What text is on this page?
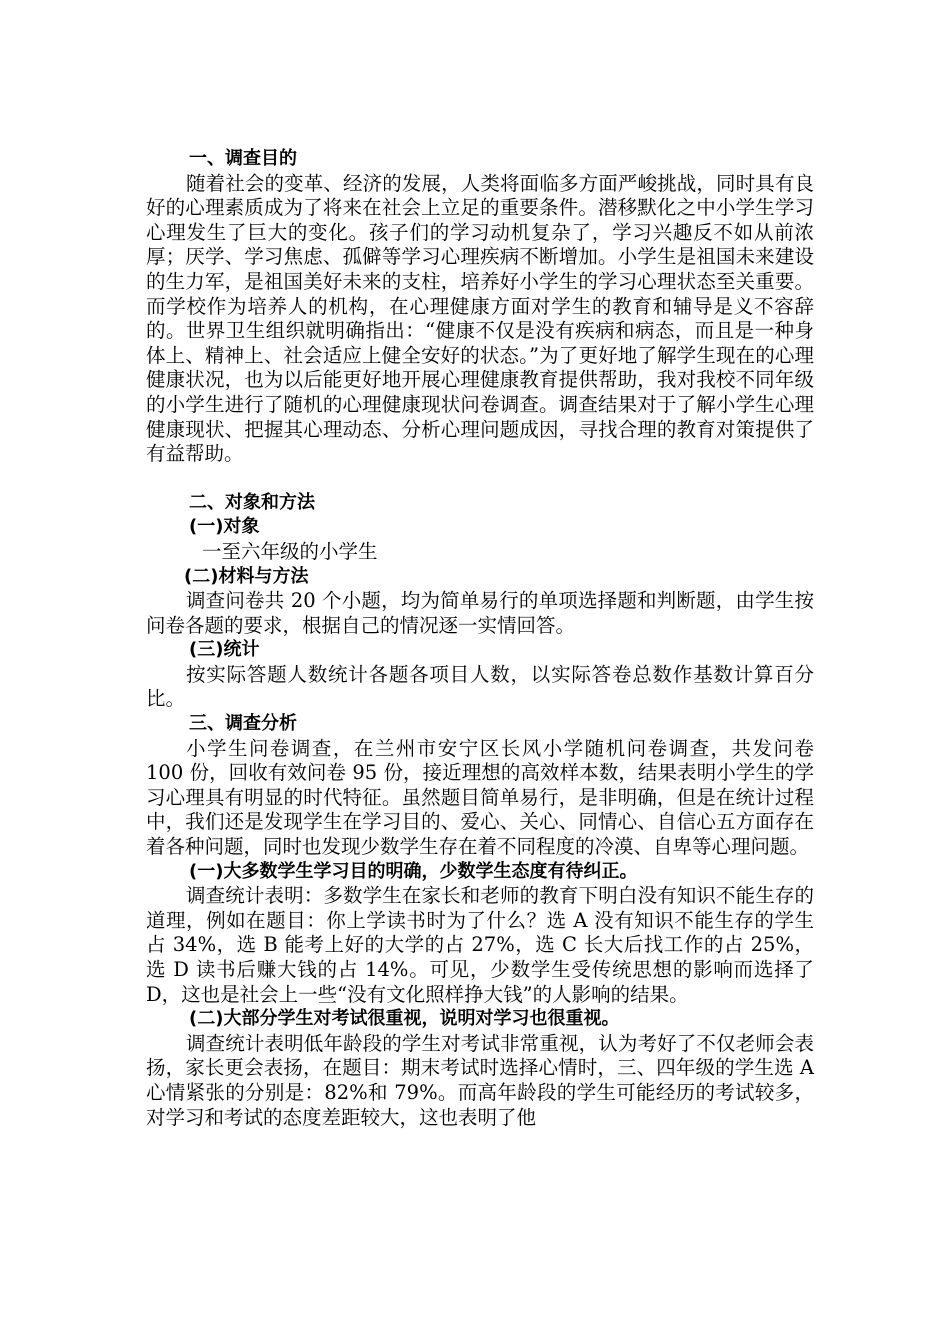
一、调查目的

随着社会的变革、经济的发展，人类将面临多方面严峻挑战，同时具有良好的心理素质成为了将来在社会上立足的重要条件。潜移默化之中小学生学习心理发生了巨大的变化。孩子们的学习动机复杂了，学习兴趣反不如从前浓厚；厌学、学习焦虑、孤僻等学习心理疾病不断增加。小学生是祖国未来建设的生力军，是祖国美好未来的支柱，培养好小学生的学习心理状态至关重要。而学校作为培养人的机构，在心理健康方面对学生的教育和辅导是义不容辞的。世界卫生组织就明确指出：“健康不仅是没有疾病和病态，而且是一种身体上、精神上、社会适应上健全安好的状态。”为了更好地了解学生现在的心理健康状况，也为以后能更好地开展心理健康教育提供帮助，我对我校不同年级的小学生进行了随机的心理健康现状问卷调查。调查结果对于了解小学生心理健康现状、把握其心理动态、分析心理问题成因，寻找合理的教育对策提供了有益帮助。

二、对象和方法

(一)对象

一至六年级的小学生

(二)材料与方法

调查问卷共 20 个小题，均为简单易行的单项选择题和判断题，由学生按问卷各题的要求，根据自己的情况逐一实情回答。

(三)统计

按实际答题人数统计各题各项目人数，以实际答卷总数作基数计算百分比。

三、调查分析

小学生问卷调查，在兰州市安宁区长风小学随机问卷调查，共发问卷 100 份，回收有效问卷 95 份，接近理想的高效样本数，结果表明小学生的学习心理具有明显的时代特征。虽然题目简单易行，是非明确，但是在统计过程中，我们还是发现学生在学习目的、爱心、关心、同情心、自信心五方面存在着各种问题，同时也发现少数学生存在着不同程度的冷漠、自卑等心理问题。

(一)大多数学生学习目的明确，少数学生态度有待纠正。

调查统计表明：多数学生在家长和老师的教育下明白没有知识不能生存的道理，例如在题目：你上学读书时为了什么？选 A 没有知识不能生存的学生占 34%，选 B 能考上好的大学的占 27%，选 C 长大后找工作的占 25%，选 D 读书后赚大钱的占 14%。可见，少数学生受传统思想的影响而选择了 D，这也是社会上一些“没有文化照样挣大钱”的人影响的结果。

(二)大部分学生对考试很重视，说明对学习也很重视。

调查统计表明低年龄段的学生对考试非常重视，认为考好了不仅老师会表扬，家长更会表扬，在题目：期末考试时选择心情时，三、四年级的学生选 A 心情紧张的分别是：82%和 79%。而高年龄段的学生可能经历的考试较多，对学习和考试的态度差距较大，这也表明了他
